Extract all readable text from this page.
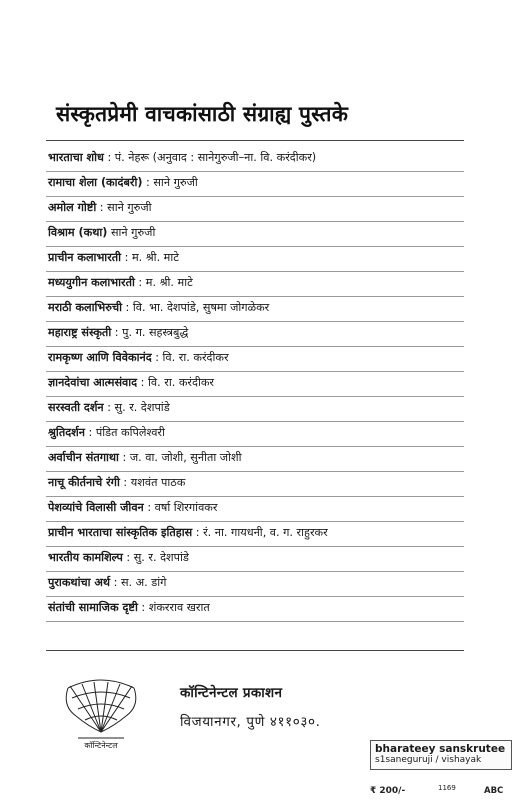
संस्कृतप्रेमी वाचकांसाठी संग्राह्य पुस्तके
भारताचा शोध : पं. नेहरू (अनुवाद : सानेगुरुजी–ना. वि. करंदीकर)
रामाचा शेला (कादंबरी) : साने गुरुजी
अमोल गोष्टी : साने गुरुजी
विश्राम (कथा) साने गुरुजी
प्राचीन कलाभारती : म. श्री. माटे
मध्ययुगीन कलाभारती : म. श्री. माटे
मराठी कलाभिरुची : वि. भा. देशपांडे, सुषमा जोगळेकर
महाराष्ट्र संस्कृती : पु. ग. सहस्त्रबुद्धे
रामकृष्ण आणि विवेकानंद : वि. रा. करंदीकर
ज्ञानदेवांचा आत्मसंवाद : वि. रा. करंदीकर
सरस्वती दर्शन : सु. र. देशपांडे
श्रुतिदर्शन : पंडित कपिलेश्वरी
अर्वाचीन संतगाथा : ज. वा. जोशी, सुनीता जोशी
नाचू कीर्तनाचे रंगी : यशवंत पाठक
पेशव्यांचे विलासी जीवन : वर्षा शिरगांवकर
प्राचीन भारताचा सांस्कृतिक इतिहास : रं. ना. गायधनी, व. ग. राहुरकर
भारतीय कामशिल्प : सु. र. देशपांडे
पुराकथांचा अर्थ : स. अ. डांगे
संतांची सामाजिक दृष्टी : शंकरराव खरात
कॉन्टिनेन्टल
कॉन्टिनेन्टल प्रकाशन
विजयानगर, पुणे ४११०३०.
bharateey sanskrutee
s1saneguruji / vishayak
₹ 200/-	1169	ABC
